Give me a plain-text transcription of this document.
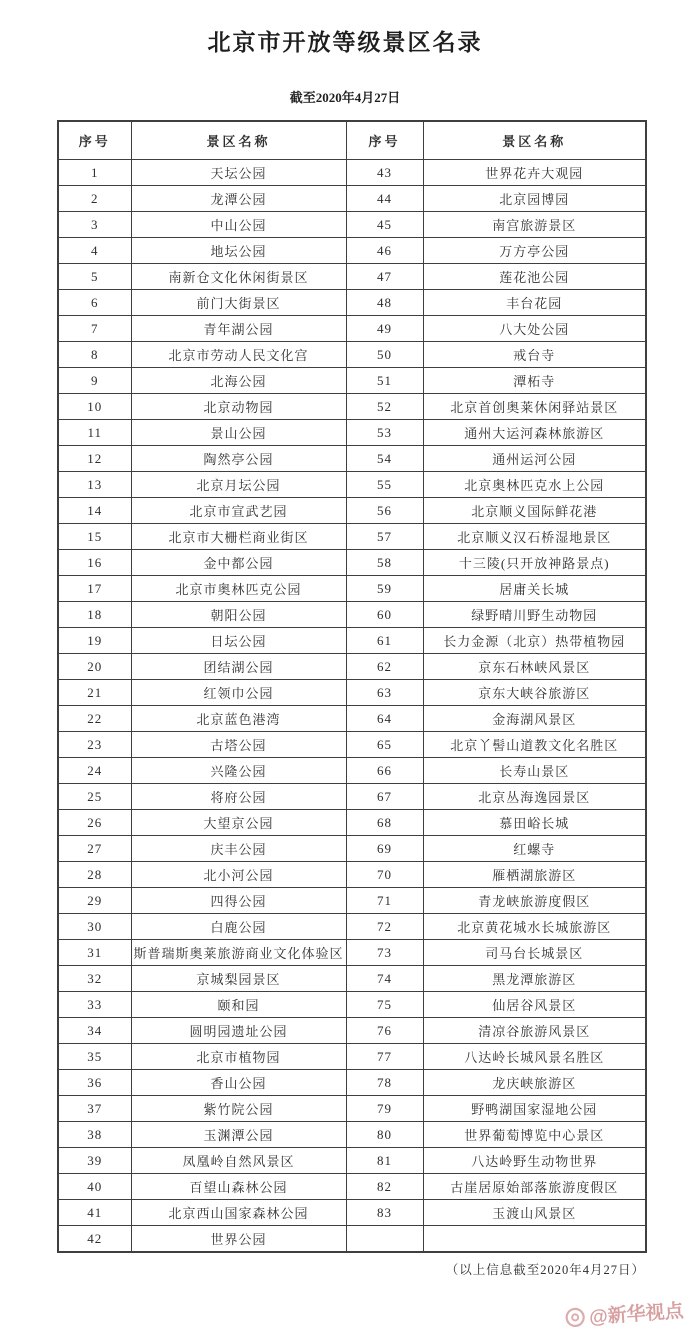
北京市开放等级景区名录
截至2020年4月27日
序号	景区名称	序号	景区名称
1	天坛公园	43	世界花卉大观园
2	龙潭公园	44	北京园博园
3	中山公园	45	南宫旅游景区
4	地坛公园	46	万方亭公园
5	南新仓文化休闲街景区	47	莲花池公园
6	前门大街景区	48	丰台花园
7	青年湖公园	49	八大处公园
8	北京市劳动人民文化宫	50	戒台寺
9	北海公园	51	潭柘寺
10	北京动物园	52	北京首创奥莱休闲驿站景区
11	景山公园	53	通州大运河森林旅游区
12	陶然亭公园	54	通州运河公园
13	北京月坛公园	55	北京奥林匹克水上公园
14	北京市宣武艺园	56	北京顺义国际鲜花港
15	北京市大栅栏商业街区	57	北京顺义汉石桥湿地景区
16	金中都公园	58	十三陵(只开放神路景点)
17	北京市奥林匹克公园	59	居庸关长城
18	朝阳公园	60	绿野晴川野生动物园
19	日坛公园	61	长力金源（北京）热带植物园
20	团结湖公园	62	京东石林峡风景区
21	红领巾公园	63	京东大峡谷旅游区
22	北京蓝色港湾	64	金海湖风景区
23	古塔公园	65	北京丫髻山道教文化名胜区
24	兴隆公园	66	长寿山景区
25	将府公园	67	北京丛海逸园景区
26	大望京公园	68	慕田峪长城
27	庆丰公园	69	红螺寺
28	北小河公园	70	雁栖湖旅游区
29	四得公园	71	青龙峡旅游度假区
30	白鹿公园	72	北京黄花城水长城旅游区
31	斯普瑞斯奥莱旅游商业文化体验区	73	司马台长城景区
32	京城梨园景区	74	黑龙潭旅游区
33	颐和园	75	仙居谷风景区
34	圆明园遗址公园	76	清凉谷旅游风景区
35	北京市植物园	77	八达岭长城风景名胜区
36	香山公园	78	龙庆峡旅游区
37	紫竹院公园	79	野鸭湖国家湿地公园
38	玉渊潭公园	80	世界葡萄博览中心景区
39	凤凰岭自然风景区	81	八达岭野生动物世界
40	百望山森林公园	82	古崖居原始部落旅游度假区
41	北京西山国家森林公园	83	玉渡山风景区
42	世界公园		
（以上信息截至2020年4月27日）
@新华视点
